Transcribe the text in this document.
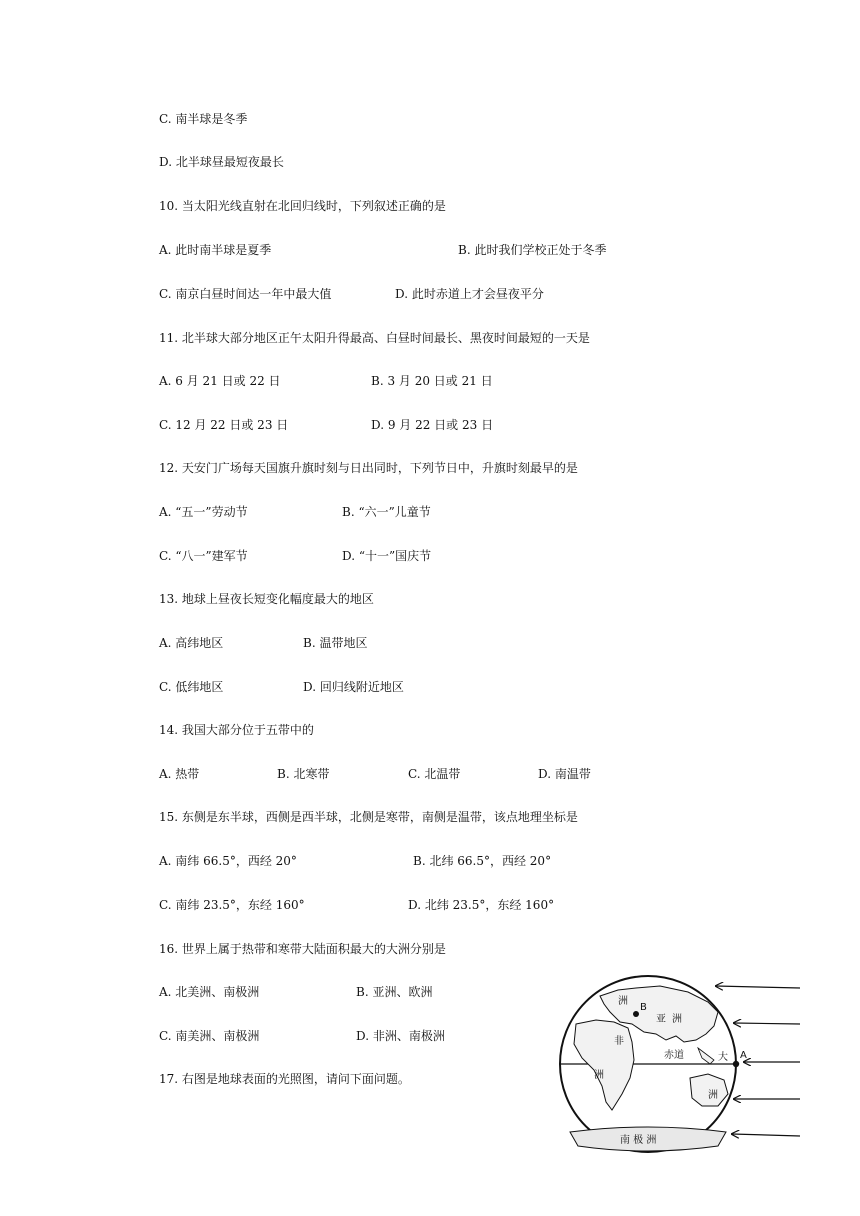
C. 南半球是冬季
D. 北半球昼最短夜最长
10. 当太阳光线直射在北回归线时，下列叙述正确的是
A. 此时南半球是夏季	B. 此时我们学校正处于冬季
C. 南京白昼时间达一年中最大值	D. 此时赤道上才会昼夜平分
11. 北半球大部分地区正午太阳升得最高、白昼时间最长、黑夜时间最短的一天是
A. 6 月 21 日或 22 日	B. 3 月 20 日或 21 日
C. 12 月 22 日或 23 日	D. 9 月 22 日或 23 日
12. 天安门广场每天国旗升旗时刻与日出同时，下列节日中，升旗时刻最早的是
A. “五一”劳动节	B. “六一”儿童节
C. “八一”建军节	D. “十一”国庆节
13. 地球上昼夜长短变化幅度最大的地区
A. 高纬地区	B. 温带地区
C. 低纬地区	D. 回归线附近地区
14. 我国大部分位于五带中的
A. 热带	B. 北寒带	C. 北温带	D. 南温带
15. 东侧是东半球，西侧是西半球，北侧是寒带，南侧是温带，该点地理坐标是
A. 南纬 66.5°，西经 20°	B. 北纬 66.5°，西经 20°
C. 南纬 23.5°，东经 160°	D. 北纬 23.5°，东经 160°
16. 世界上属于热带和寒带大陆面积最大的大洲分别是
A. 北美洲、南极洲	B. 亚洲、欧洲
C. 南美洲、南极洲	D. 非洲、南极洲
17. 右图是地球表面的光照图，请问下面问题。
洲
B
亚 洲
非
洲
赤道	大
洲
A
南 极 洲
